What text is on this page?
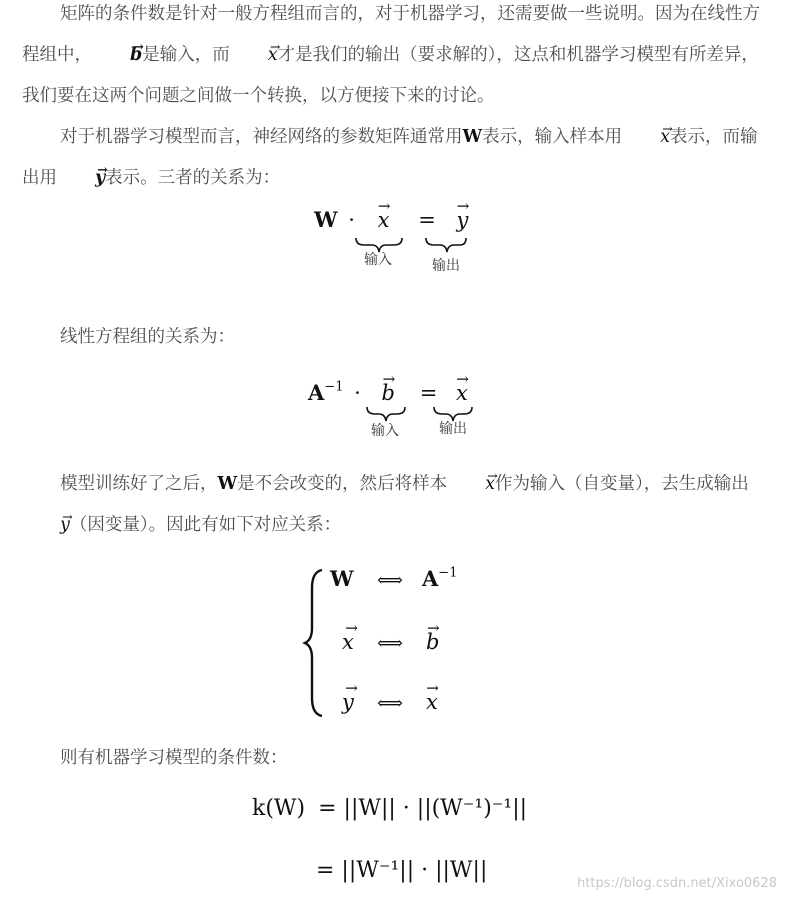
矩阵的条件数是针对一般方程组而言的，对于机器学习，还需要做一些说明。因为在线性方程组中， → b是输入，而 → x才是我们的输出（要求解的），这点和机器学习模型有所差异，我们要在这两个问题之间做一个转换，以方便接下来的讨论。

对于机器学习模型而言，神经网络的参数矩阵通常用W表示，输入样本用 → x表示，而输出用 → y表示。三者的关系为：

W · → x = → y
输入	输出

线性方程组的关系为：

$A^{-1}$ · → b = → x
输入	输出

模型训练好了之后，W是不会改变的，然后将样本 → x作为输入（自变量），去生成输出→ y（因变量）。因此有如下对应关系：

W ⟺ $A^{-1}$
→ x ⟺ → b
→ y ⟺ → x

则有机器学习模型的条件数：

k(W) = ||W|| · ||(W⁻¹)⁻¹||
= ||W⁻¹|| · ||W||
https://blog.csdn.net/Xixo0628
